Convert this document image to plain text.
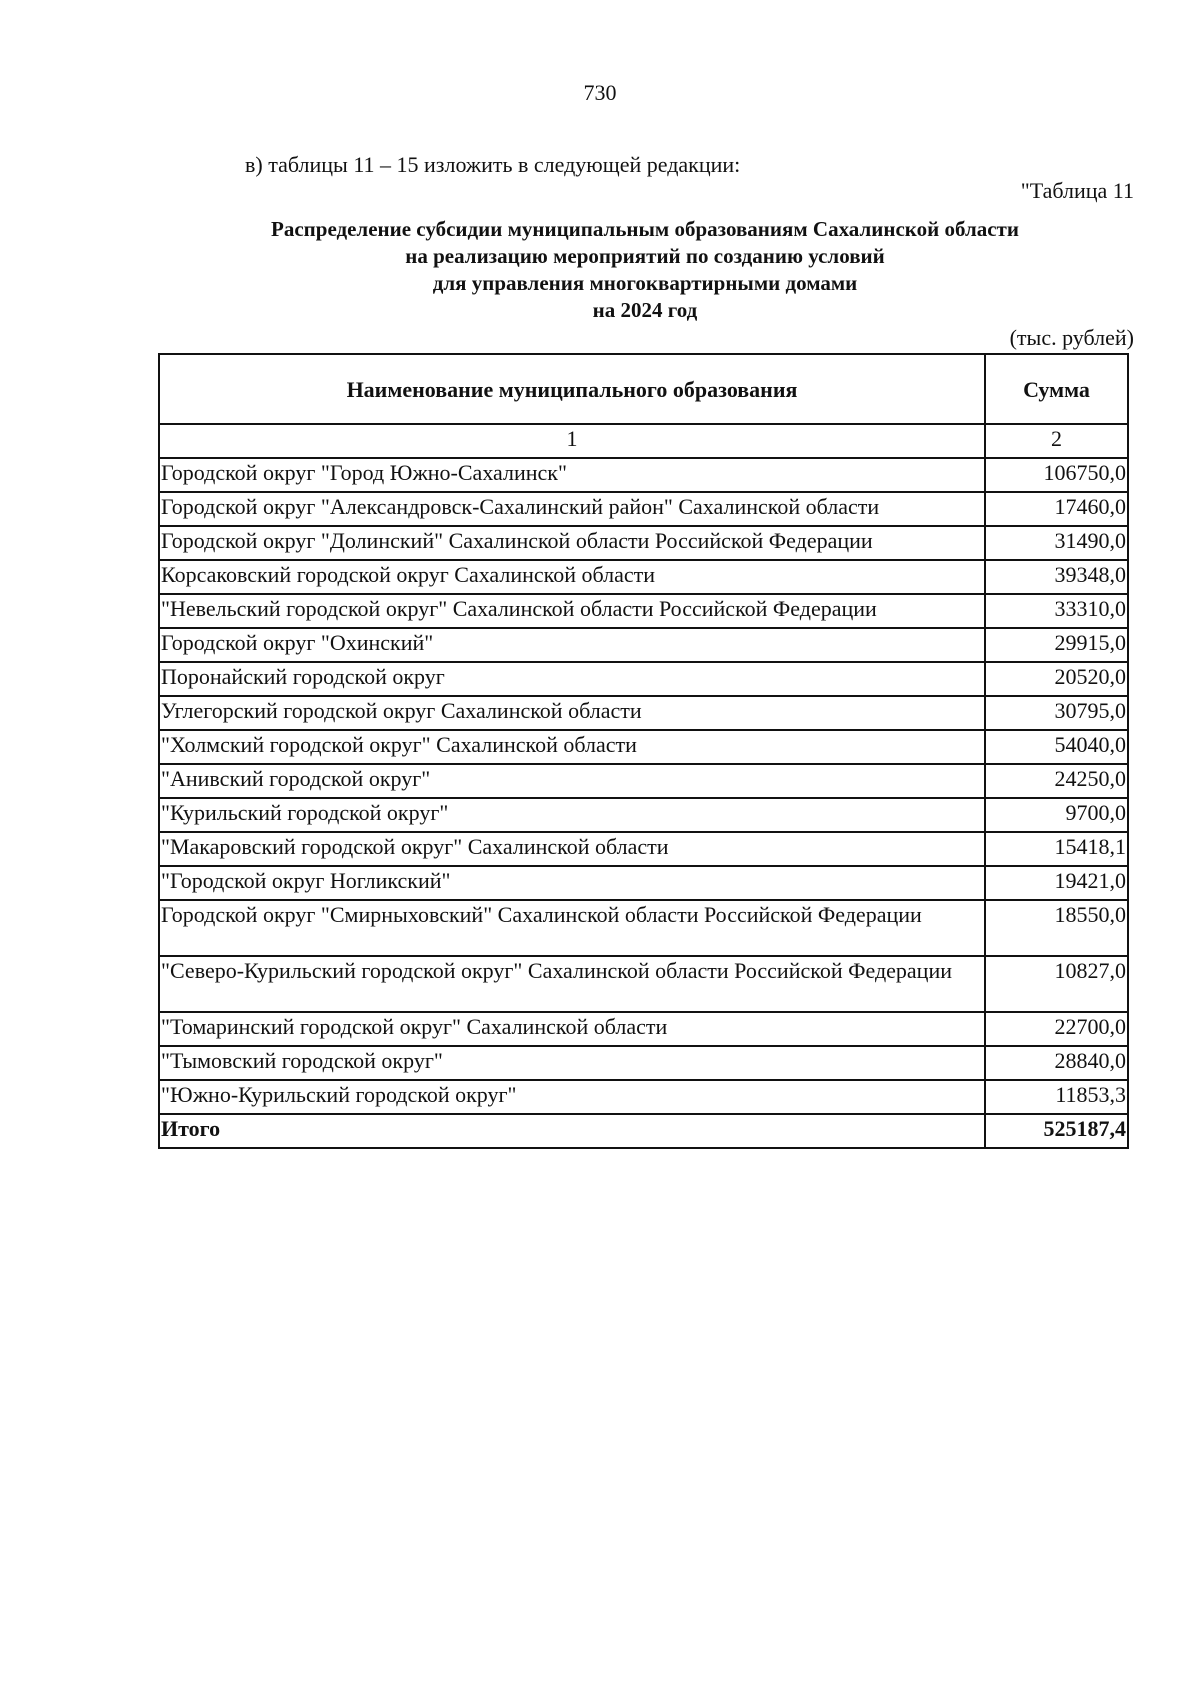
730
в) таблицы 11 – 15 изложить в следующей редакции:
"Таблица 11
Распределение субсидии муниципальным образованиям Сахалинской области
на реализацию мероприятий по созданию условий
для управления многоквартирными домами
на 2024 год
(тыс. рублей)
Наименование муниципального образования	Сумма
1	2
Городской округ "Город Южно-Сахалинск"	106750,0
Городской округ "Александровск-Сахалинский район" Сахалинской области	17460,0
Городской округ "Долинский" Сахалинской области Российской Федерации	31490,0
Корсаковский городской округ Сахалинской области	39348,0
"Невельский городской округ" Сахалинской области Российской Федерации	33310,0
Городской округ "Охинский"	29915,0
Поронайский городской округ	20520,0
Углегорский городской округ Сахалинской области	30795,0
"Холмский городской округ" Сахалинской области	54040,0
"Анивский городской округ"	24250,0
"Курильский городской округ"	9700,0
"Макаровский городской округ" Сахалинской области	15418,1
"Городской округ Ногликский"	19421,0
Городской округ "Смирныховский" Сахалинской области Российской Федерации	18550,0
"Северо-Курильский городской округ" Сахалинской области Российской Федерации	10827,0
"Томаринский городской округ" Сахалинской области	22700,0
"Тымовский городской округ"	28840,0
"Южно-Курильский городской округ"	11853,3
Итого	525187,4
